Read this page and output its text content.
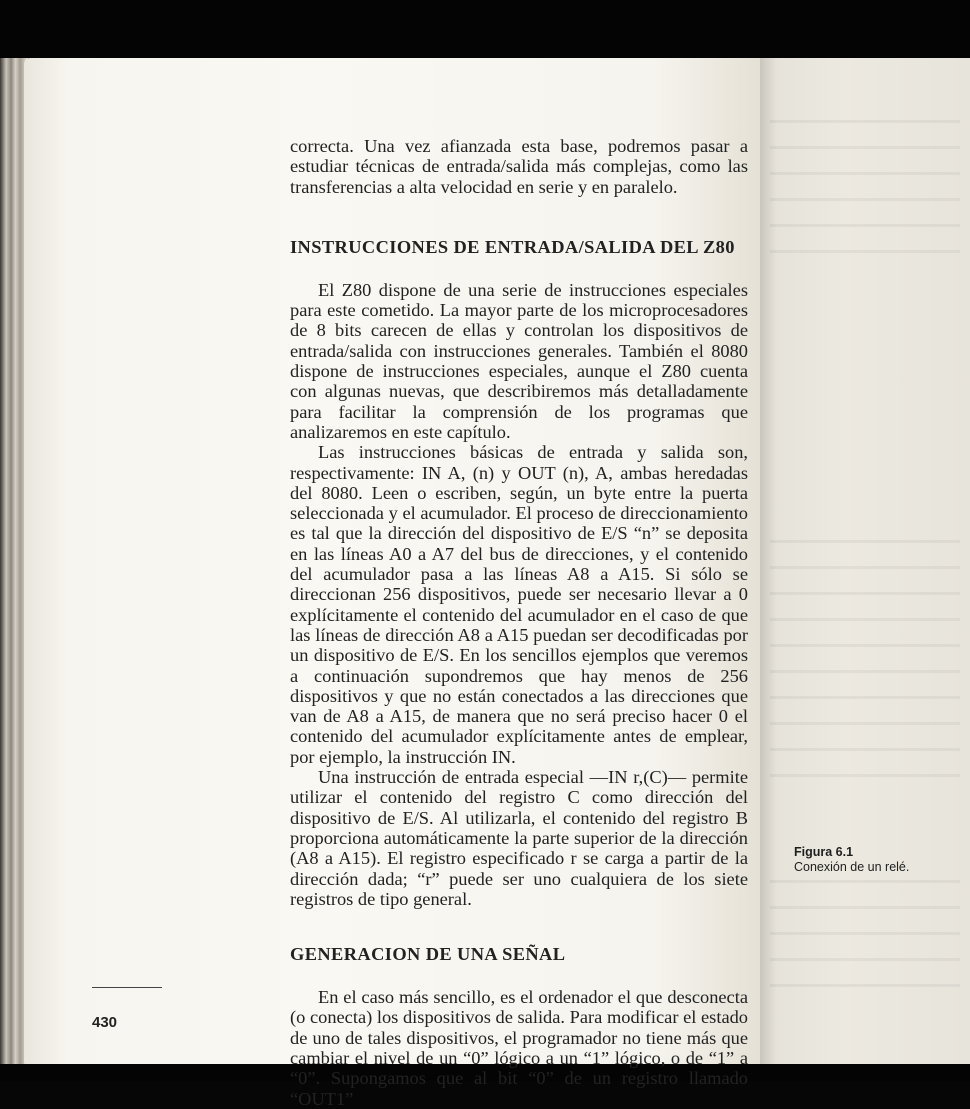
correcta. Una vez afianzada esta base, podremos pasar a estudiar técnicas de entrada/salida más complejas, como las transferencias a alta velocidad en serie y en paralelo.

INSTRUCCIONES DE ENTRADA/SALIDA DEL Z80

El Z80 dispone de una serie de instrucciones especiales para este cometido. La mayor parte de los microprocesadores de 8 bits carecen de ellas y controlan los dispositivos de entrada/salida con instrucciones generales. También el 8080 dispone de instrucciones especiales, aunque el Z80 cuenta con algunas nuevas, que describiremos más detalladamente para facilitar la comprensión de los programas que analizaremos en este capítulo.

Las instrucciones básicas de entrada y salida son, respectivamente: IN A, (n) y OUT (n), A, ambas heredadas del 8080. Leen o escriben, según, un byte entre la puerta seleccionada y el acumulador. El proceso de direccionamiento es tal que la dirección del dispositivo de E/S “n” se deposita en las líneas A0 a A7 del bus de direcciones, y el contenido del acumulador pasa a las líneas A8 a A15. Si sólo se direccionan 256 dispositivos, puede ser necesario llevar a 0 explícitamente el contenido del acumulador en el caso de que las líneas de dirección A8 a A15 puedan ser decodificadas por un dispositivo de E/S. En los sencillos ejemplos que veremos a continuación supondremos que hay menos de 256 dispositivos y que no están conectados a las direcciones que van de A8 a A15, de manera que no será preciso hacer 0 el contenido del acumulador explícitamente antes de emplear, por ejemplo, la instrucción IN.

Una instrucción de entrada especial —IN r,(C)— permite utilizar el contenido del registro C como dirección del dispositivo de E/S. Al utilizarla, el contenido del registro B proporciona automáticamente la parte superior de la dirección (A8 a A15). El registro especificado r se carga a partir de la dirección dada; “r” puede ser uno cualquiera de los siete registros de tipo general.

GENERACION DE UNA SEÑAL

En el caso más sencillo, es el ordenador el que desconecta (o conecta) los dispositivos de salida. Para modificar el estado de uno de tales dispositivos, el programador no tiene más que cambiar el nivel de un “0” lógico a un “1” lógico, o de “1” a “0”. Supongamos que al bit “0” de un registro llamado “OUT1”

Figura 6.1
Conexión de un relé.
430
